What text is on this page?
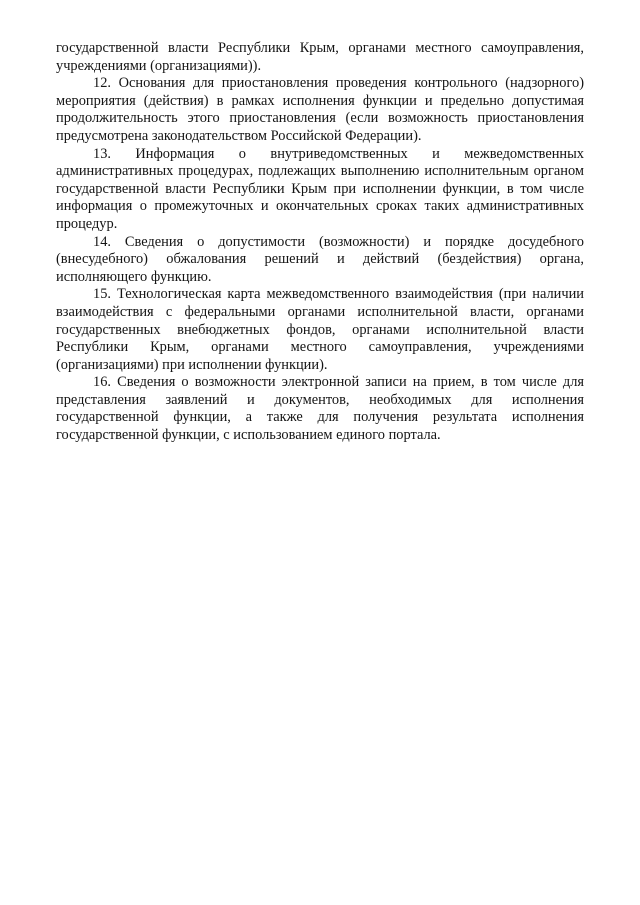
государственной власти Республики Крым, органами местного самоуправления, учреждениями (организациями)).

12. Основания для приостановления проведения контрольного (надзорного) мероприятия (действия) в рамках исполнения функции и предельно допустимая продолжительность этого приостановления (если возможность приостановления предусмотрена законодательством Российской Федерации).

13. Информация о внутриведомственных и межведомственных административных процедурах, подлежащих выполнению исполнительным органом государственной власти Республики Крым при исполнении функции, в том числе информация о промежуточных и окончательных сроках таких административных процедур.

14. Сведения о допустимости (возможности) и порядке досудебного (внесудебного) обжалования решений и действий (бездействия) органа, исполняющего функцию.

15. Технологическая карта межведомственного взаимодействия (при наличии взаимодействия с федеральными органами исполнительной власти, органами государственных внебюджетных фондов, органами исполнительной власти Республики Крым, органами местного самоуправления, учреждениями (организациями) при исполнении функции).

16. Сведения о возможности электронной записи на прием, в том числе для представления заявлений и документов, необходимых для исполнения государственной функции, а также для получения результата исполнения государственной функции, с использованием единого портала.
